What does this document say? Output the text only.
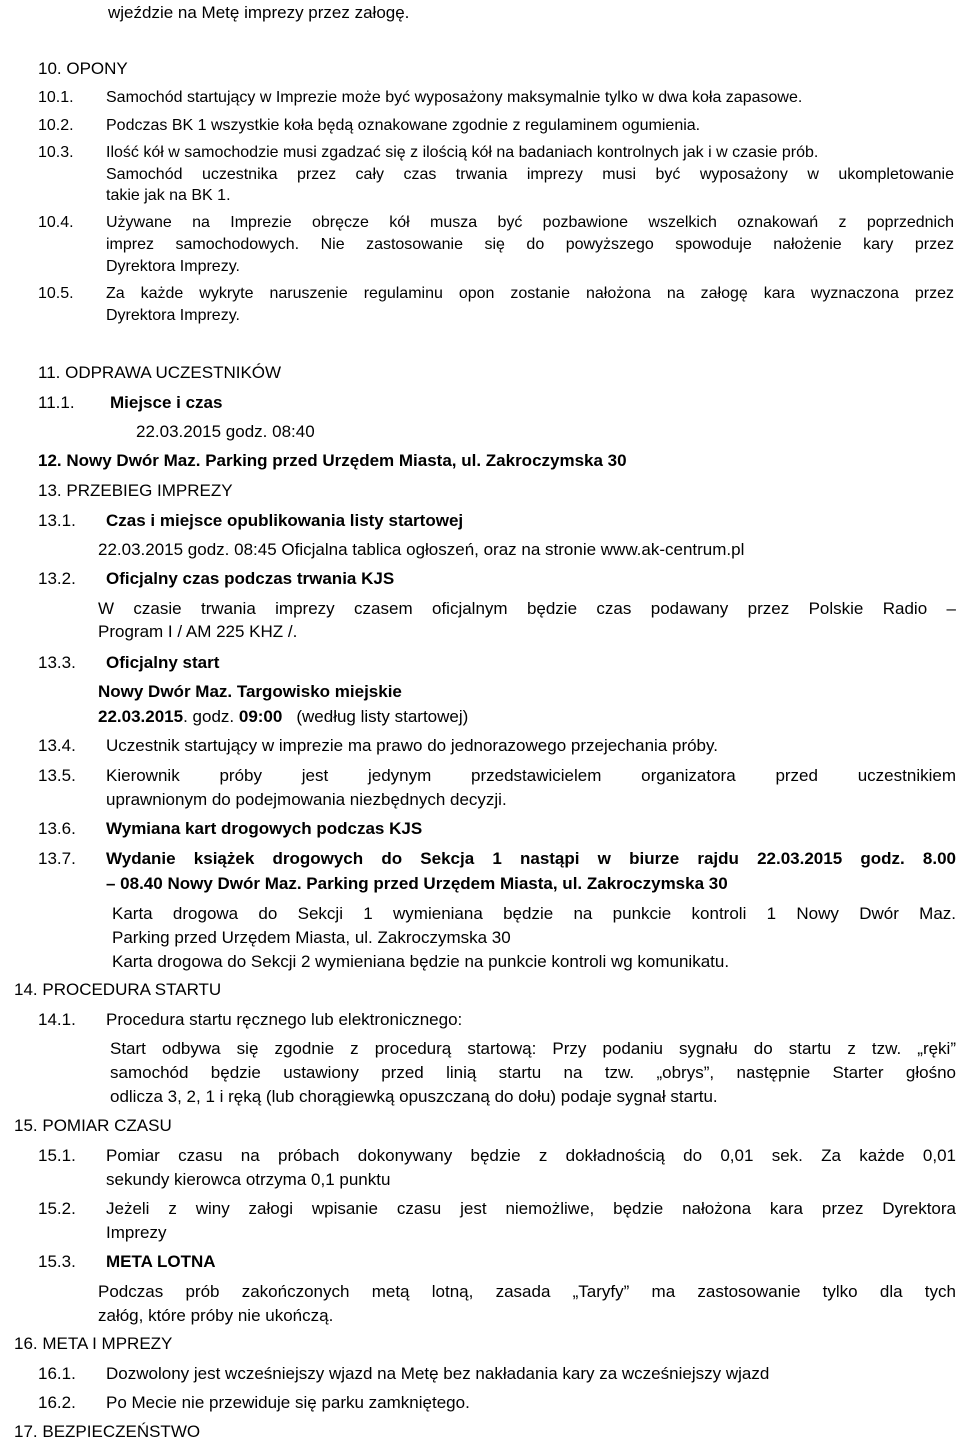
wjeździe na Metę imprezy przez załogę.
10. OPONY
10.1. Samochód startujący w Imprezie może być wyposażony maksymalnie tylko w dwa koła zapasowe.
10.2. Podczas BK 1 wszystkie koła będą oznakowane zgodnie z regulaminem ogumienia.
10.3. Ilość kół w samochodzie musi zgadzać się z ilością kół na badaniach kontrolnych jak i w czasie prób.
Samochód uczestnika przez cały czas trwania imprezy musi być wyposażony w ukompletowanie
takie jak na BK 1.
10.4. Używane na Imprezie obręcze kół musza być pozbawione wszelkich oznakowań z poprzednich
imprez samochodowych. Nie zastosowanie się do powyższego spowoduje nałożenie kary przez
Dyrektora Imprezy.
10.5. Za każde wykryte naruszenie regulaminu opon zostanie nałożona na załogę kara wyznaczona przez
Dyrektora Imprezy.
11. ODPRAWA UCZESTNIKÓW
11.1. Miejsce i czas
22.03.2015 godz. 08:40
12. Nowy Dwór Maz. Parking przed Urzędem Miasta, ul. Zakroczymska 30
13. PRZEBIEG IMPREZY
13.1. Czas i miejsce opublikowania listy startowej
22.03.2015 godz. 08:45 Oficjalna tablica ogłoszeń, oraz na stronie www.ak-centrum.pl
13.2. Oficjalny czas podczas trwania KJS
W czasie trwania imprezy czasem oficjalnym będzie czas podawany przez Polskie Radio –
Program I / AM 225 KHZ /.
13.3. Oficjalny start
Nowy Dwór Maz. Targowisko miejskie
22.03.2015. godz. 09:00 (według listy startowej)
13.4. Uczestnik startujący w imprezie ma prawo do jednorazowego przejechania próby.
13.5. Kierownik próby jest jedynym przedstawicielem organizatora przed uczestnikiem
uprawnionym do podejmowania niezbędnych decyzji.
13.6. Wymiana kart drogowych podczas KJS
13.7. Wydanie książek drogowych do Sekcja 1 nastąpi w biurze rajdu 22.03.2015 godz. 8.00
– 08.40 Nowy Dwór Maz. Parking przed Urzędem Miasta, ul. Zakroczymska 30
Karta drogowa do Sekcji 1 wymieniana będzie na punkcie kontroli 1 Nowy Dwór Maz.
Parking przed Urzędem Miasta, ul. Zakroczymska 30
Karta drogowa do Sekcji 2 wymieniana będzie na punkcie kontroli wg komunikatu.
14. PROCEDURA STARTU
14.1. Procedura startu ręcznego lub elektronicznego:
Start odbywa się zgodnie z procedurą startową: Przy podaniu sygnału do startu z tzw. „ręki”
samochód będzie ustawiony przed linią startu na tzw. „obrys”, następnie Starter głośno
odlicza 3, 2, 1 i ręką (lub chorągiewką opuszczaną do dołu) podaje sygnał startu.
15. POMIAR CZASU
15.1. Pomiar czasu na próbach dokonywany będzie z dokładnością do 0,01 sek. Za każde 0,01
sekundy kierowca otrzyma 0,1 punktu
15.2. Jeżeli z winy załogi wpisanie czasu jest niemożliwe, będzie nałożona kara przez Dyrektora
Imprezy
15.3. META LOTNA
Podczas prób zakończonych metą lotną, zasada „Taryfy” ma zastosowanie tylko dla tych
załóg, które próby nie ukończą.
16. META I MPREZY
16.1. Dozwolony jest wcześniejszy wjazd na Metę bez nakładania kary za wcześniejszy wjazd
16.2. Po Mecie nie przewiduje się parku zamkniętego.
17. BEZPIECZEŃSTWO
